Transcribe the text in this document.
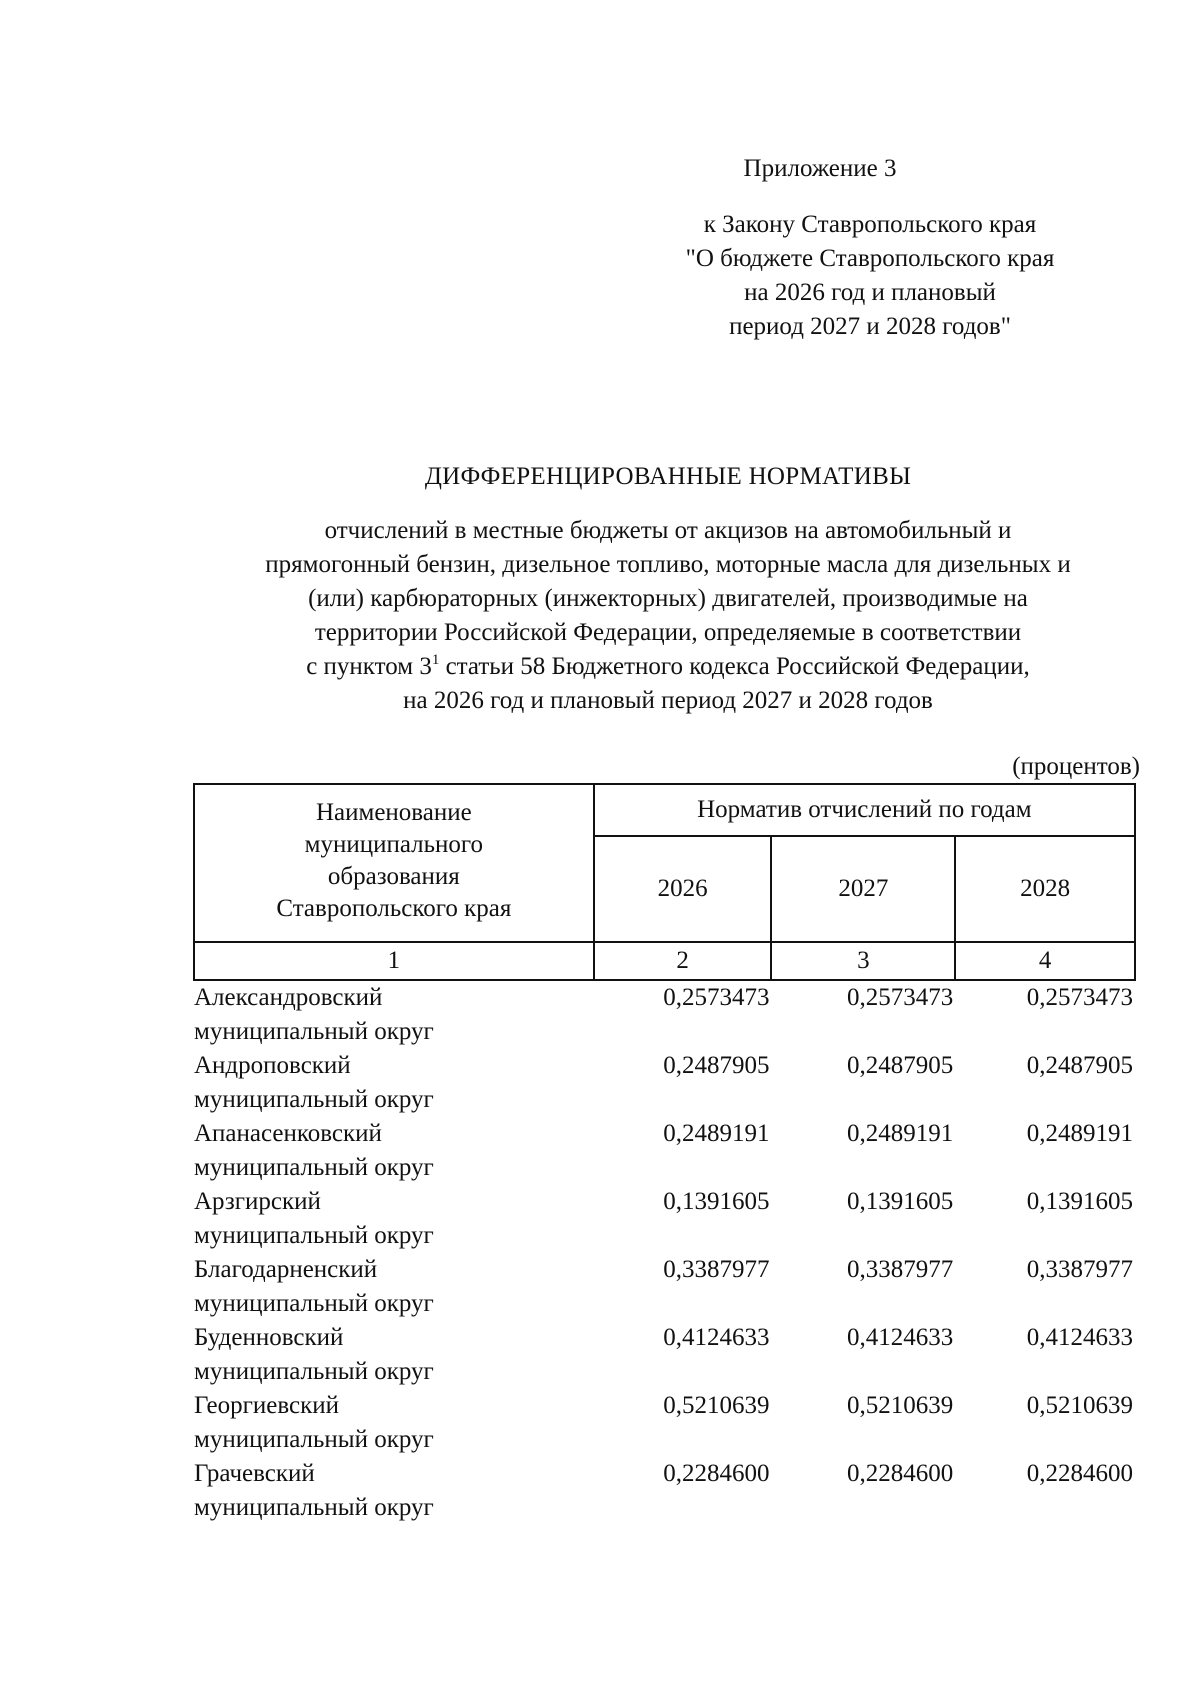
Приложение 3
к Закону Ставропольского края
"О бюджете Ставропольского края
на 2026 год и плановый
период 2027 и 2028 годов"
ДИФФЕРЕНЦИРОВАННЫЕ НОРМАТИВЫ
отчислений в местные бюджеты от акцизов на автомобильный и
прямогонный бензин, дизельное топливо, моторные масла для дизельных и
(или) карбюраторных (инжекторных) двигателей, производимые на
территории Российской Федерации, определяемые в соответствии
с пунктом $3^1$ статьи 58 Бюджетного кодекса Российской Федерации,
на 2026 год и плановый период 2027 и 2028 годов
(процентов)
Наименование
муниципального
образования
Ставропольского края	Норматив отчислений по годам		
	2026	2027	2028
1	2	3	4

Александровский
муниципальный округ	0,2573473	0,2573473	0,2573473

Андроповский
муниципальный округ	0,2487905	0,2487905	0,2487905

Апанасенковский
муниципальный округ	0,2489191	0,2489191	0,2489191

Арзгирский
муниципальный округ	0,1391605	0,1391605	0,1391605

Благодарненский
муниципальный округ	0,3387977	0,3387977	0,3387977

Буденновский
муниципальный округ	0,4124633	0,4124633	0,4124633

Георгиевский
муниципальный округ	0,5210639	0,5210639	0,5210639

Грачевский
муниципальный округ	0,2284600	0,2284600	0,2284600
